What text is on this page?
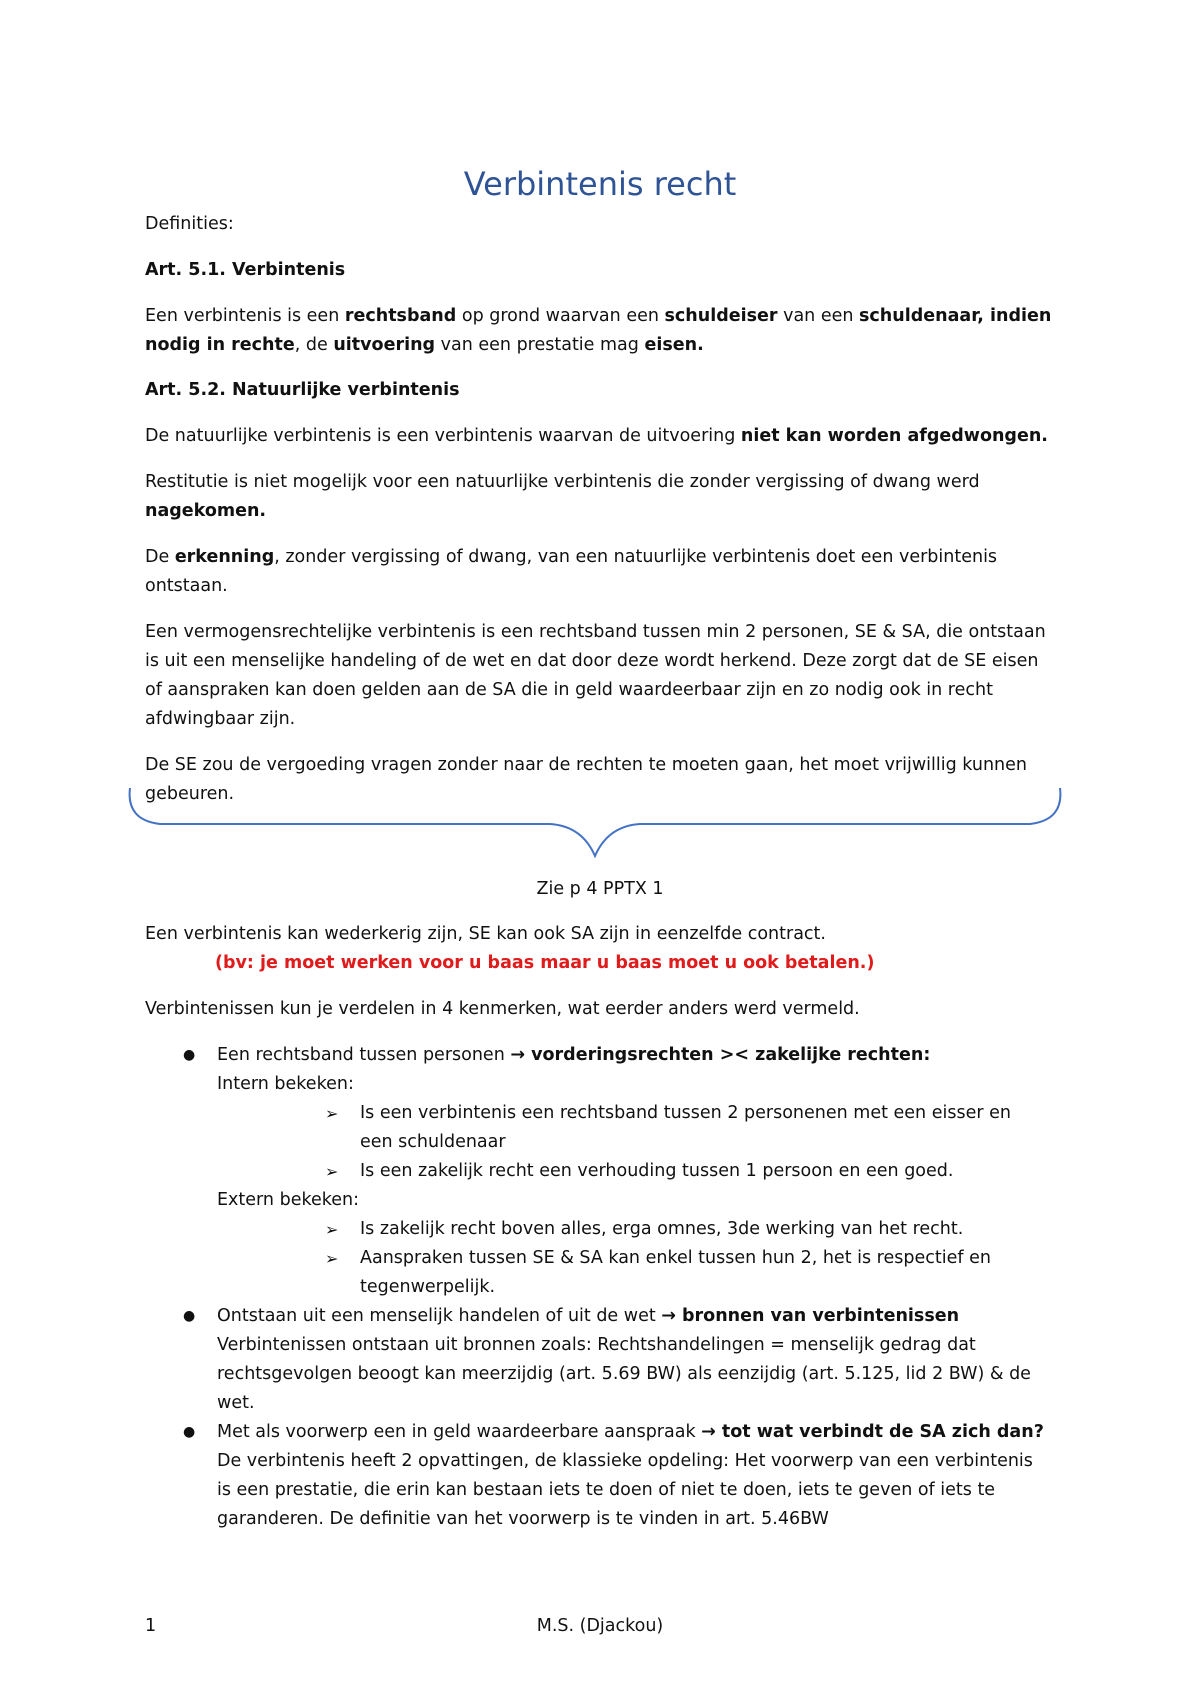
Verbintenis recht

Definities:

Art. 5.1. Verbintenis

Een verbintenis is een rechtsband op grond waarvan een schuldeiser van een schuldenaar, indien

nodig in rechte, de uitvoering van een prestatie mag eisen.

Art. 5.2. Natuurlijke verbintenis

De natuurlijke verbintenis is een verbintenis waarvan de uitvoering niet kan worden afgedwongen.

Restitutie is niet mogelijk voor een natuurlijke verbintenis die zonder vergissing of dwang werd

nagekomen.

De erkenning, zonder vergissing of dwang, van een natuurlijke verbintenis doet een verbintenis

ontstaan.

Een vermogensrechtelijke verbintenis is een rechtsband tussen min 2 personen, SE & SA, die ontstaan

is uit een menselijke handeling of de wet en dat door deze wordt herkend. Deze zorgt dat de SE eisen

of aanspraken kan doen gelden aan de SA die in geld waardeerbaar zijn en zo nodig ook in recht

afdwingbaar zijn.

De SE zou de vergoeding vragen zonder naar de rechten te moeten gaan, het moet vrijwillig kunnen

gebeuren.

Zie p 4 PPTX 1

Een verbintenis kan wederkerig zijn, SE kan ook SA zijn in eenzelfde contract.

(bv: je moet werken voor u baas maar u baas moet u ook betalen.)

Verbintenissen kun je verdelen in 4 kenmerken, wat eerder anders werd vermeld.

● Een rechtsband tussen personen → vorderingsrechten >< zakelijke rechten:

Intern bekeken:

➢ Is een verbintenis een rechtsband tussen 2 personenen met een eisser en
een schuldenaar
➢ Is een zakelijk recht een verhouding tussen 1 persoon en een goed.

Extern bekeken:

➢ Is zakelijk recht boven alles, erga omnes, 3de werking van het recht.
➢ Aanspraken tussen SE & SA kan enkel tussen hun 2, het is respectief en
tegenwerpelijk.
● Ontstaan uit een menselijk handelen of uit de wet → bronnen van verbintenissen

Verbintenissen ontstaan uit bronnen zoals: Rechtshandelingen = menselijk gedrag dat

rechtsgevolgen beoogt kan meerzijdig (art. 5.69 BW) als eenzijdig (art. 5.125, lid 2 BW) & de

wet.

● Met als voorwerp een in geld waardeerbare aanspraak → tot wat verbindt de SA zich dan?

De verbintenis heeft 2 opvattingen, de klassieke opdeling: Het voorwerp van een verbintenis

is een prestatie, die erin kan bestaan iets te doen of niet te doen, iets te geven of iets te

garanderen. De definitie van het voorwerp is te vinden in art. 5.46BW

1	M.S. (Djackou)
